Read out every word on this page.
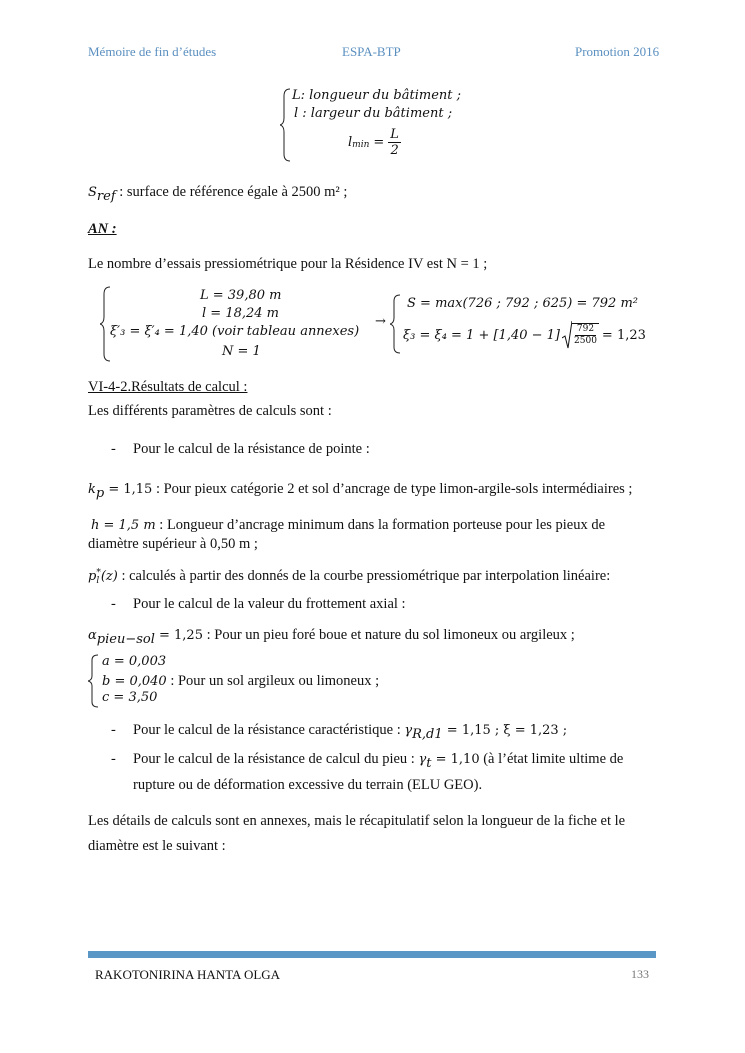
Mémoire de fin d’études	ESPA-BTP	Promotion 2016
L: longueur du bâtiment ;
l : largeur du bâtiment ;
$l_{min} = \frac{L}{2}$
$S_{ref}$ : surface de référence égale à 2500 m² ;
AN :
Le nombre d’essais pressiométrique pour la Résidence IV est N = 1 ;
L = 39,80 m
l = 18,24 m
ξ′₃ = ξ′₄ = 1,40 (voir tableau annexes)
N = 1
→
S = max(726 ; 792 ; 625) = 792 m²
$\xi_3 = \xi_4 = 1 + [1,40 - 1] \frac{792}{2500} = 1,23$
VI-4-2.Résultats de calcul :
Les différents paramètres de calculs sont :
- Pour le calcul de la résistance de pointe :
$k_p = 1,15$ : Pour pieux catégorie 2 et sol d’ancrage de type limon-argile-sols intermédiaires ;
h = 1,5 m : Longueur d’ancrage minimum dans la formation porteuse pour les pieux de
diamètre supérieur à 0,50 m ;
p *
l (z) : calculés à partir des donnés de la courbe pressiométrique par interpolation linéaire:
- Pour le calcul de la valeur du frottement axial :
$\alpha_{pieu-sol} = 1,25$ : Pour un pieu foré boue et nature du sol limoneux ou argileux ;
a = 0,003
b = 0,040 : Pour un sol argileux ou limoneux ;
c = 3,50
- Pour le calcul de la résistance caractéristique : $\gamma_{R,d1} = 1,15$ ; ξ = 1,23 ;
- Pour le calcul de la résistance de calcul du pieu : $\gamma_t = 1,10$ (à l’état limite ultime de
rupture ou de déformation excessive du terrain (ELU GEO).
Les détails de calculs sont en annexes, mais le récapitulatif selon la longueur de la fiche et le
diamètre est le suivant :
RAKOTONIRINA HANTA OLGA	133
